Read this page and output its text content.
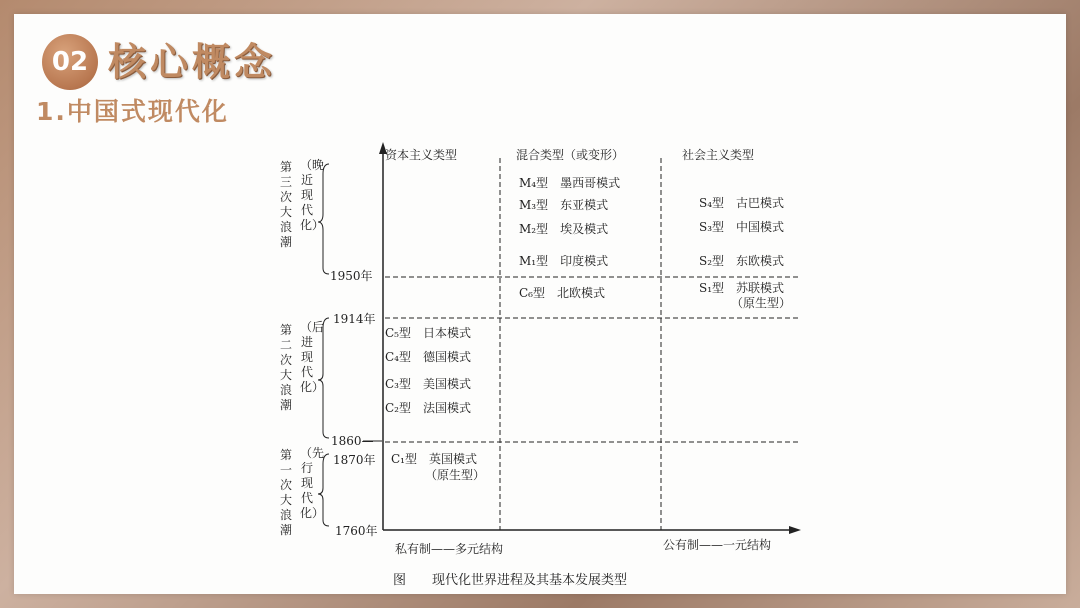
02 核心概念
1.中国式现代化
资本主义类型	混合类型（或变形）	社会主义类型
第三次大浪潮
（晚近现代化）
第二次大浪潮
（后进现代化）
第一次大浪潮
（先行现代化）
1950年
1914年
1860—
1870年
1760年
M₄型　墨西哥模式
M₃型　东亚模式
M₂型　埃及模式
M₁型　印度模式
C₆型　北欧模式
S₄型　古巴模式
S₃型　中国模式
S₂型　东欧模式
S₁型　苏联模式
（原生型）
C₅型　日本模式
C₄型　德国模式
C₃型　美国模式
C₂型　法国模式
C₁型　英国模式
（原生型）
私有制——多元结构	公有制——一元结构
图　　现代化世界进程及其基本发展类型
